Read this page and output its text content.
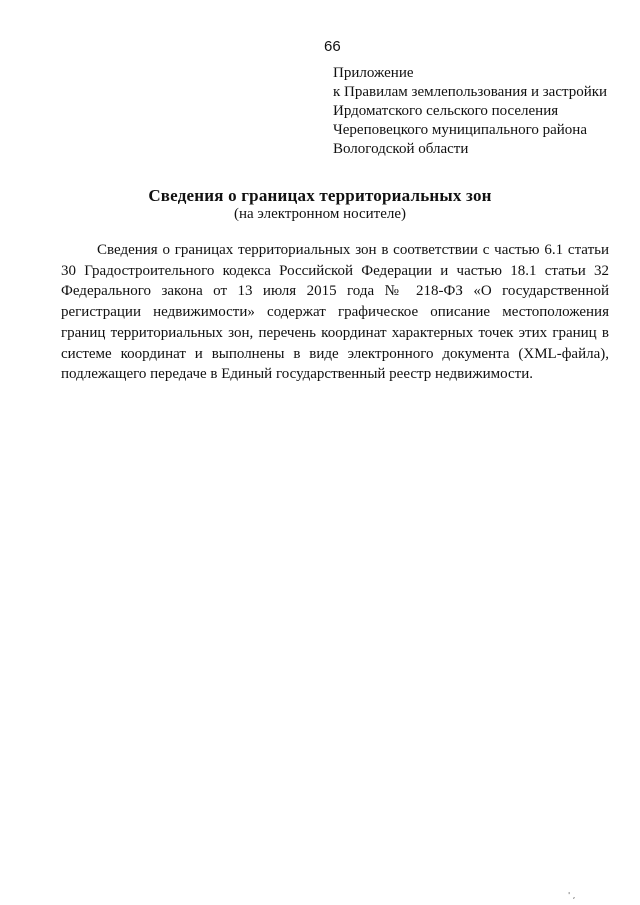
66
Приложение
к Правилам землепользования и застройки
Ирдоматского сельского поселения
Череповецкого муниципального района
Вологодской области
Сведения о границах территориальных зон
(на электронном носителе)

Сведения о границах территориальных зон в соответствии с частью 6.1 статьи 30 Градостроительного кодекса Российской Федерации и частью 18.1 статьи 32 Федерального закона от 13 июля 2015 года № 218-ФЗ «О государственной регистрации недвижимости» содержат графическое описание местоположения границ территориальных зон, перечень координат характерных точек этих границ в системе координат и выполнены в виде электронного документа (XML-файла), подлежащего передаче в Единый государственный реестр недвижимости.

' ,
